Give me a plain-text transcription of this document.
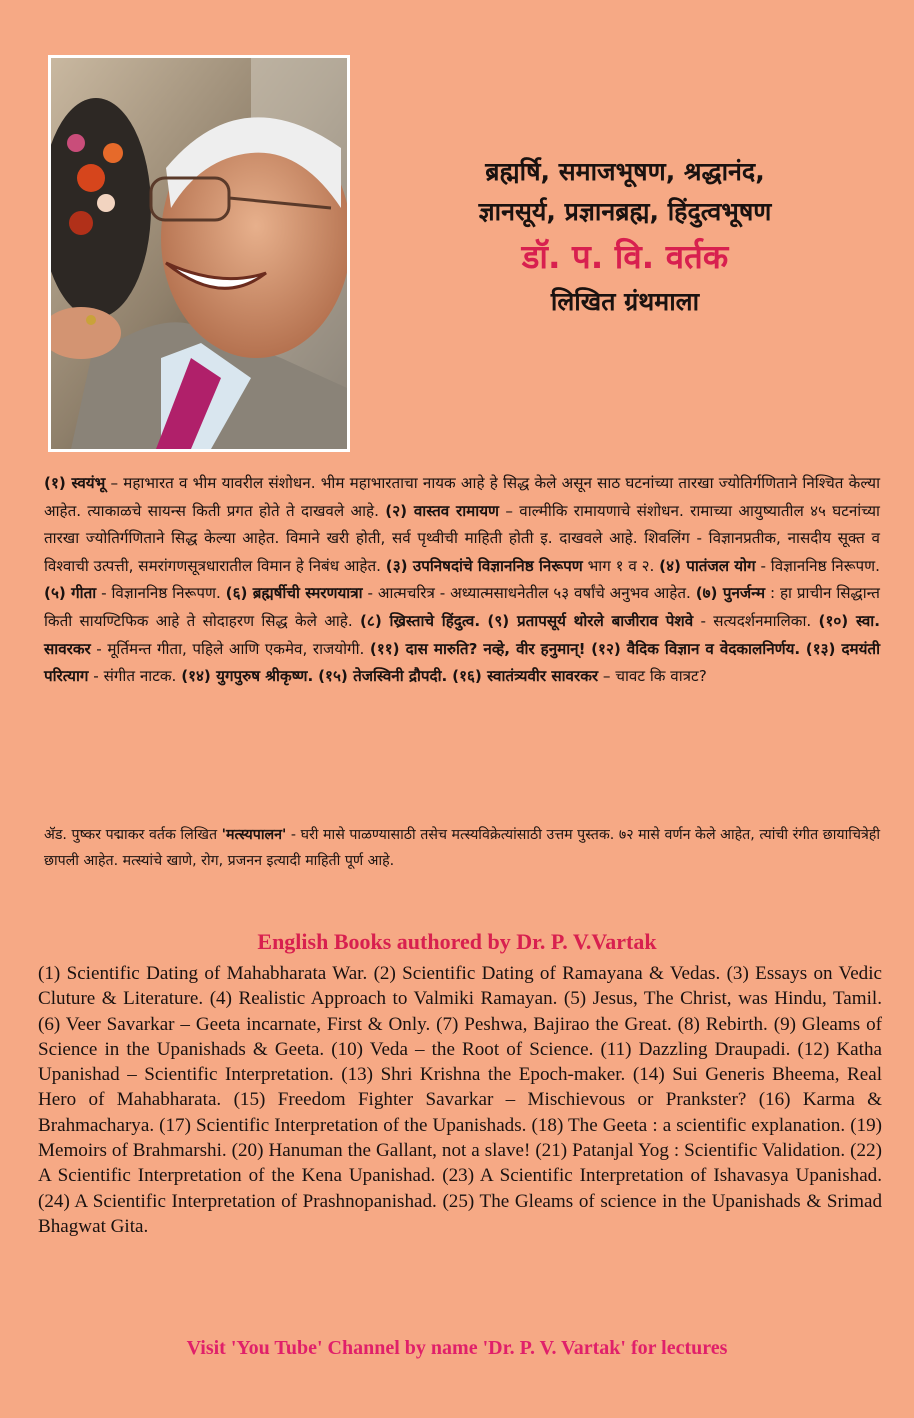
ब्रह्मर्षि, समाजभूषण, श्रद्धानंद,
ज्ञानसूर्य, प्रज्ञानब्रह्म, हिंदुत्वभूषण
डॉ. प. वि. वर्तक
लिखित ग्रंथमाला
(१) स्वयंभू – महाभारत व भीम यावरील संशोधन. भीम महाभारताचा नायक आहे हे सिद्ध केले असून साठ घटनांच्या तारखा ज्योतिर्गणिताने निश्चित केल्या आहेत. त्याकाळचे सायन्स किती प्रगत होते ते दाखवले आहे. (२) वास्तव रामायण – वाल्मीकि रामायणाचे संशोधन. रामाच्या आयुष्यातील ४५ घटनांच्या तारखा ज्योतिर्गणिताने सिद्ध केल्या आहेत. विमाने खरी होती, सर्व पृथ्वीची माहिती होती इ. दाखवले आहे. शिवलिंग - विज्ञानप्रतीक, नासदीय सूक्त व विश्वाची उत्पत्ती, समरांगणसूत्रधारातील विमान हे निबंध आहेत. (३) उपनिषदांचे विज्ञाननिष्ठ निरूपण भाग १ व २. (४) पातंजल योग - विज्ञाननिष्ठ निरूपण. (५) गीता - विज्ञाननिष्ठ निरूपण. (६) ब्रह्मर्षीची स्मरणयात्रा - आत्मचरित्र - अध्यात्मसाधनेतील ५३ वर्षांचे अनुभव आहेत. (७) पुनर्जन्म : हा प्राचीन सिद्धान्त किती सायण्टिफिक आहे ते सोदाहरण सिद्ध केले आहे. (८) ख्रिस्ताचे हिंदुत्व. (९) प्रतापसूर्य थोरले बाजीराव पेशवे - सत्यदर्शनमालिका. (१०) स्वा. सावरकर - मूर्तिमन्त गीता, पहिले आणि एकमेव, राजयोगी. (११) दास मारुति? नव्हे, वीर हनुमान्! (१२) वैदिक विज्ञान व वेदकालनिर्णय. (१३) दमयंती परित्याग - संगीत नाटक. (१४) युगपुरुष श्रीकृष्ण. (१५) तेजस्विनी द्रौपदी. (१६) स्वातंत्र्यवीर सावरकर – चावट कि वात्रट?
ॲड. पुष्कर पद्माकर वर्तक लिखित 'मत्स्यपालन' - घरी मासे पाळण्यासाठी तसेच मत्स्यविक्रेत्यांसाठी उत्तम पुस्तक. ७२ मासे वर्णन केले आहेत, त्यांची रंगीत छायाचित्रेही छापली आहेत. मत्स्यांचे खाणे, रोग, प्रजनन इत्यादी माहिती पूर्ण आहे.
English Books authored by Dr. P. V.Vartak
(1) Scientific Dating of Mahabharata War. (2) Scientific Dating of Ramayana & Vedas. (3) Essays on Vedic Cluture & Literature. (4) Realistic Approach to Valmiki Ramayan. (5) Jesus, The Christ, was Hindu, Tamil. (6) Veer Savarkar – Geeta incarnate, First & Only. (7) Peshwa, Bajirao the Great. (8) Rebirth. (9) Gleams of Science in the Upanishads & Geeta. (10) Veda – the Root of Science. (11) Dazzling Draupadi. (12) Katha Upanishad – Scientific Interpretation. (13) Shri Krishna the Epoch-maker. (14) Sui Generis Bheema, Real Hero of Mahabharata. (15) Freedom Fighter Savarkar – Mischievous or Prankster? (16) Karma & Brahmacharya. (17) Scientific Interpretation of the Upanishads. (18) The Geeta : a scientific explanation. (19) Memoirs of Brahmarshi. (20) Hanuman the Gallant, not a slave! (21) Patanjal Yog : Scientific Validation. (22) A Scientific Interpretation of the Kena Upanishad. (23) A Scientific Interpretation of Ishavasya Upanishad. (24) A Scientific Interpretation of Prashnopanishad. (25) The Gleams of science in the Upanishads & Srimad Bhagwat Gita.
Visit 'You Tube' Channel by name 'Dr. P. V. Vartak' for lectures
